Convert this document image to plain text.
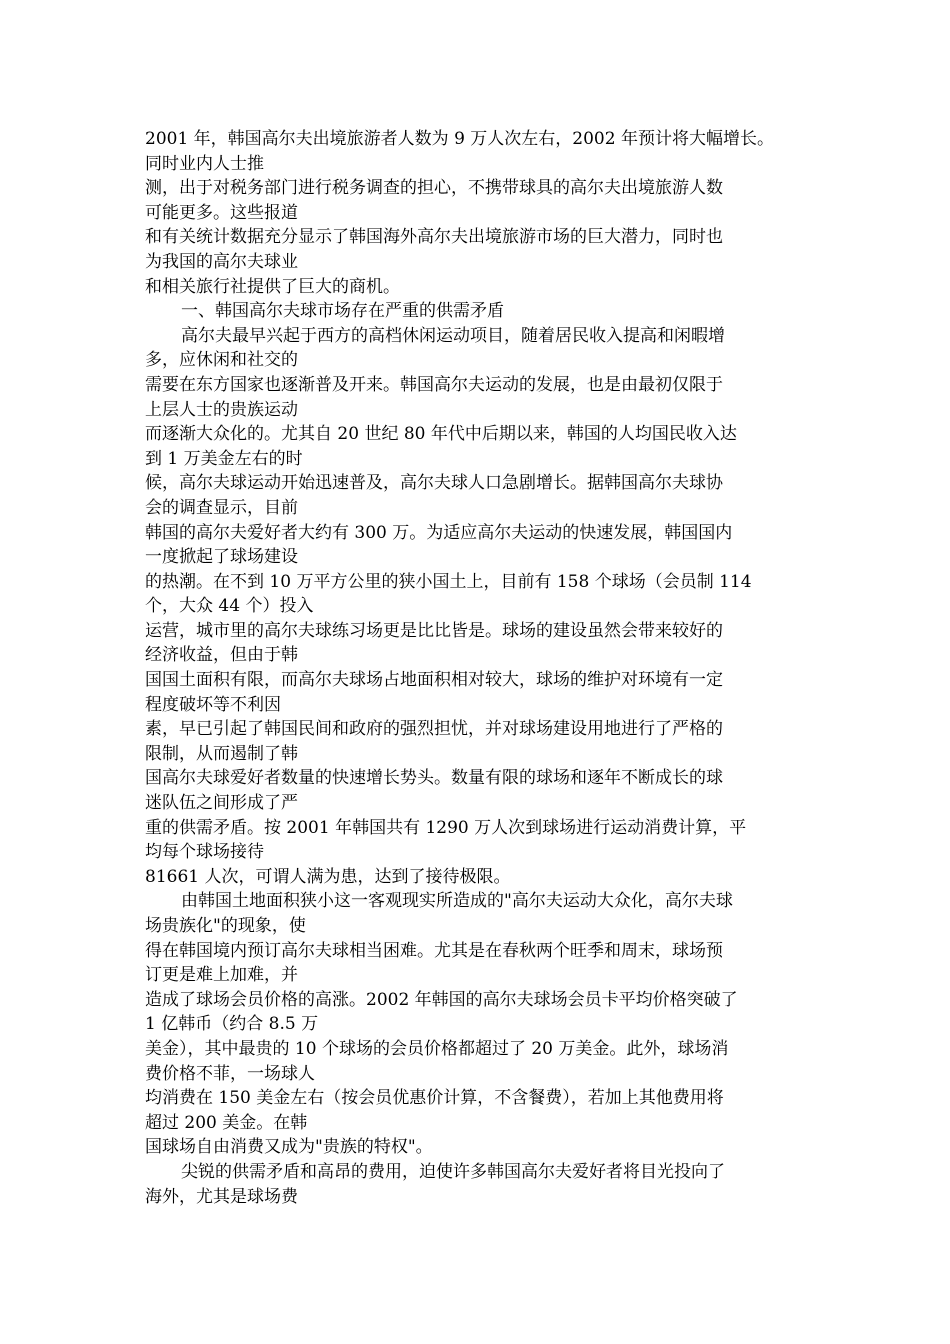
2001 年，韩国高尔夫出境旅游者人数为 9 万人次左右，2002 年预计将大幅增长。
同时业内人士推
测，出于对税务部门进行税务调查的担心，不携带球具的高尔夫出境旅游人数
可能更多。这些报道
和有关统计数据充分显示了韩国海外高尔夫出境旅游市场的巨大潜力，同时也
为我国的高尔夫球业
和相关旅行社提供了巨大的商机。
一、韩国高尔夫球市场存在严重的供需矛盾
高尔夫最早兴起于西方的高档休闲运动项目，随着居民收入提高和闲暇增
多，应休闲和社交的
需要在东方国家也逐渐普及开来。韩国高尔夫运动的发展，也是由最初仅限于
上层人士的贵族运动
而逐渐大众化的。尤其自 20 世纪 80 年代中后期以来，韩国的人均国民收入达
到 1 万美金左右的时
候，高尔夫球运动开始迅速普及，高尔夫球人口急剧增长。据韩国高尔夫球协
会的调查显示，目前
韩国的高尔夫爱好者大约有 300 万。为适应高尔夫运动的快速发展，韩国国内
一度掀起了球场建设
的热潮。在不到 10 万平方公里的狭小国土上，目前有 158 个球场（会员制 114
个，大众 44 个）投入
运营，城市里的高尔夫球练习场更是比比皆是。球场的建设虽然会带来较好的
经济收益，但由于韩
国国土面积有限，而高尔夫球场占地面积相对较大，球场的维护对环境有一定
程度破坏等不利因
素，早已引起了韩国民间和政府的强烈担忧，并对球场建设用地进行了严格的
限制，从而遏制了韩
国高尔夫球爱好者数量的快速增长势头。数量有限的球场和逐年不断成长的球
迷队伍之间形成了严
重的供需矛盾。按 2001 年韩国共有 1290 万人次到球场进行运动消费计算，平
均每个球场接待
81661 人次，可谓人满为患，达到了接待极限。
由韩国土地面积狭小这一客观现实所造成的"高尔夫运动大众化，高尔夫球
场贵族化"的现象，使
得在韩国境内预订高尔夫球相当困难。尤其是在春秋两个旺季和周末，球场预
订更是难上加难，并
造成了球场会员价格的高涨。2002 年韩国的高尔夫球场会员卡平均价格突破了
1 亿韩币（约合 8.5 万
美金），其中最贵的 10 个球场的会员价格都超过了 20 万美金。此外，球场消
费价格不菲，一场球人
均消费在 150 美金左右（按会员优惠价计算，不含餐费），若加上其他费用将
超过 200 美金。在韩
国球场自由消费又成为"贵族的特权"。
尖锐的供需矛盾和高昂的费用，迫使许多韩国高尔夫爱好者将目光投向了
海外，尤其是球场费
